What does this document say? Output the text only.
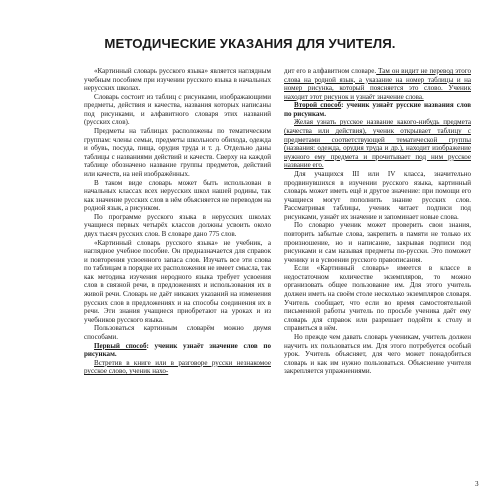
МЕТОДИЧЕСКИЕ УКАЗАНИЯ ДЛЯ УЧИТЕЛЯ.

«Картинный словарь русского языка» является наглядным учебным пособием при изучении русского языка в начальных нерусских школах.

Словарь состоит из таблиц с рисунками, изображающими предметы, действия и качества, названия которых написаны под рисунками, и алфавитного словаря этих названий (русских слов).

Предметы на таблицах расположены по тематическим группам: члены семьи, предметы школьного обихода, одежда и обувь, посуда, пища, орудия труда и т. д. Отдельно даны таблицы с названиями действий и качеств. Сверху на каждой таблице обозначено название группы предметов, действий или качеств, на ней изображённых.

В таком виде словарь может быть использован в начальных классах всех нерусских школ нашей родины, так как значение русских слов в нём объясняется не переводом на родной язык, а рисунком.

По программе русского языка в нерусских школах учащиеся первых четырёх классов должны усвоить около двух тысяч русских слов. В словаре дано 775 слов.

«Картинный словарь русского языка» не учебник, а наглядное учебное пособие. Он предназначается для справок и повторения усвоенного запаса слов. Изучать все эти слова по таблицам в порядке их расположения не имеет смысла, так как методика изучения неродного языка требует усвоения слов в связной речи, в предложениях и использования их в живой речи. Словарь не даёт никаких указаний на изменения русских слов в предложениях и на способы соединения их в речи. Эти знания учащиеся приобретают на уроках и из учебников русского языка.

Пользоваться картинным словарём можно двумя способами.

Первый способ: ученик узнаёт значение слов по рисункам.

Встретив в книге или в разговоре русски незнакомое русское слово, ученик нахо-

дит его в алфавитном словаре. Там он видит не перевод этого слова на родной язык, а указание на номер таблицы и на номер рисунка, который поясняется это слово. Ученик находит этот рисунок и узнаёт значение слова.

Второй способ: ученик узнаёт русские названия слов по рисункам.

Желая узнать русское название какого-нибудь предмета (качества или действия), ученик открывает таблицу с предметами соответствующей тематической группы (названия: одежда, орудия труда и др.), находит изображение нужного ему предмета и прочитывает под ним русское название его.

Для учащихся III или IV класса, значительно продвинувшихся в изучении русского языка, картинный словарь может иметь ещё и другое значение: при помощи его учащиеся могут пополнить знание русских слов. Рассматривая таблицы, ученик читает подписи под рисунками, узнаёт их значение и запоминает новые слова.

По словарю ученик может проверить свои знания, повторить забытые слова, закрепить в памяти не только их произношение, но и написание, закрывая подписи под рисунками и сам называя предметы по-русски. Это поможет ученику и в усвоении русского правописания.

Если «Картинный словарь» имеется в классе в недостаточном количестве экземпляров, то можно организовать общее пользование им. Для этого учитель должен иметь на своём столе несколько экземпляров словаря. Учитель сообщает, что если во время самостоятельной письменной работы учитель по просьбе ученика даёт ему словарь для справок или разрешает подойти к столу и справиться в нём.

Но прежде чем давать словарь ученикам, учитель должен научить их пользоваться им. Для этого потребуется особый урок. Учитель объясняет, для чего может понадобиться словарь и как им нужно пользоваться. Объяснение учителя закрепляется упражнениями.

3
